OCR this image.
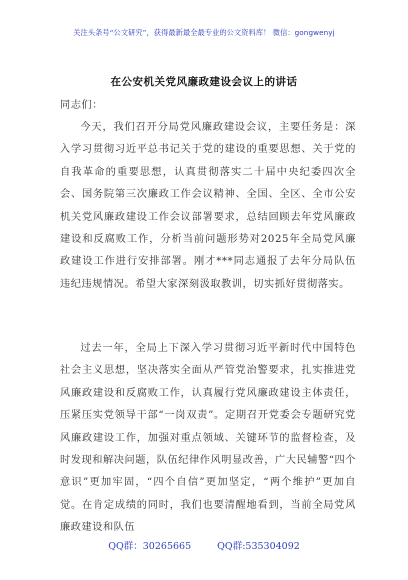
关注头条号“公文研究”，获得最新最全最专业的公文资料库！ 微信：gongwenyj
在公安机关党风廉政建设会议上的讲话
同志们：
今天，我们召开分局党风廉政建设会议，主要任务是：深入学习贯彻习近平总书记关于党的建设的重要思想、关于党的自我革命的重要思想，认真贯彻落实二十届中央纪委四次全会、国务院第三次廉政工作会议精神、全国、全区、全市公安机关党风廉政建设工作会议部署要求，总结回顾去年党风廉政建设和反腐败工作，分析当前问题形势对2025年全局党风廉政建设工作进行安排部署。刚才***同志通报了去年分局队伍违纪违规情况。希望大家深刻汲取教训，切实抓好贯彻落实。
过去一年，全局上下深入学习贯彻习近平新时代中国特色社会主义思想，坚决落实全面从严管党治警要求，扎实推进党风廉政建设和反腐败工作，认真履行党风廉政建设主体责任，压紧压实党领导干部“一岗双责”。定期召开党委会专题研究党风廉政建设工作，加强对重点领域、关键环节的监督检查，及时发现和解决问题，队伍纪律作风明显改善，广大民辅警“四个意识”更加牢固，“四个自信”更加坚定，“两个维护”更加自觉。在肯定成绩的同时，我们也要清醒地看到，当前全局党风廉政建设和队伍
QQ群：30265665	QQ群:535304092
